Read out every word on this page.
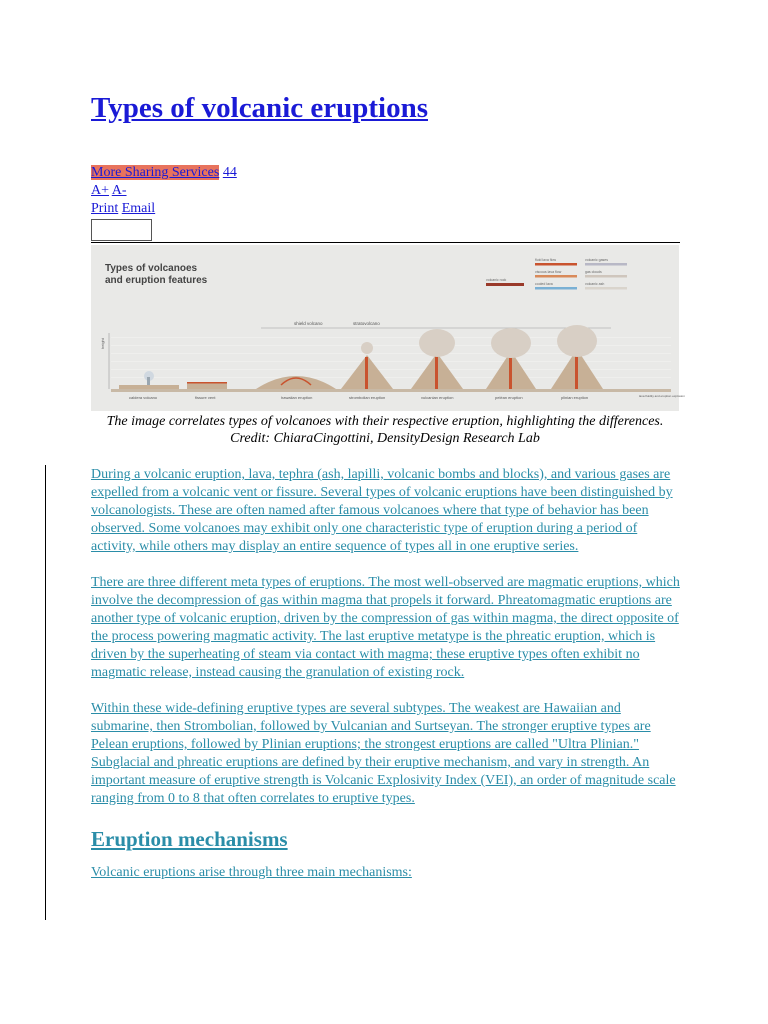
Types of volcanic eruptions
More Sharing Services 44
A+ A-
Print Email
Types of volcanoes
and eruption features	volcanic rock
fluid lava flow
viscous lava flow
cooled lava
volcanic gases
gas clouds
volcanic ash
shield volcano	stratovolcano
height
caldera volcano	fissure vent	hawaiian eruption	strombolian eruption	vulcanian eruption	peléan eruption	plinian eruption	lava fluidity and eruption explosion
The image correlates types of volcanoes with their respective eruption, highlighting the differences.
Credit: ChiaraCingottini, DensityDesign Research Lab

During a volcanic eruption, lava, tephra (ash, lapilli, volcanic bombs and blocks), and various gases are expelled from a volcanic vent or fissure. Several types of volcanic eruptions have been distinguished by volcanologists. These are often named after famous volcanoes where that type of behavior has been observed. Some volcanoes may exhibit only one characteristic type of eruption during a period of activity, while others may display an entire sequence of types all in one eruptive series.

There are three different meta types of eruptions. The most well-observed are magmatic eruptions, which involve the decompression of gas within magma that propels it forward. Phreatomagmatic eruptions are another type of volcanic eruption, driven by the compression of gas within magma, the direct opposite of the process powering magmatic activity. The last eruptive metatype is the phreatic eruption, which is driven by the superheating of steam via contact with magma; these eruptive types often exhibit no magmatic release, instead causing the granulation of existing rock.

Within these wide-defining eruptive types are several subtypes. The weakest are Hawaiian and submarine, then Strombolian, followed by Vulcanian and Surtseyan. The stronger eruptive types are Pelean eruptions, followed by Plinian eruptions; the strongest eruptions are called "Ultra Plinian." Subglacial and phreatic eruptions are defined by their eruptive mechanism, and vary in strength. An important measure of eruptive strength is Volcanic Explosivity Index (VEI), an order of magnitude scale ranging from 0 to 8 that often correlates to eruptive types.

Eruption mechanisms

Volcanic eruptions arise through three main mechanisms:
